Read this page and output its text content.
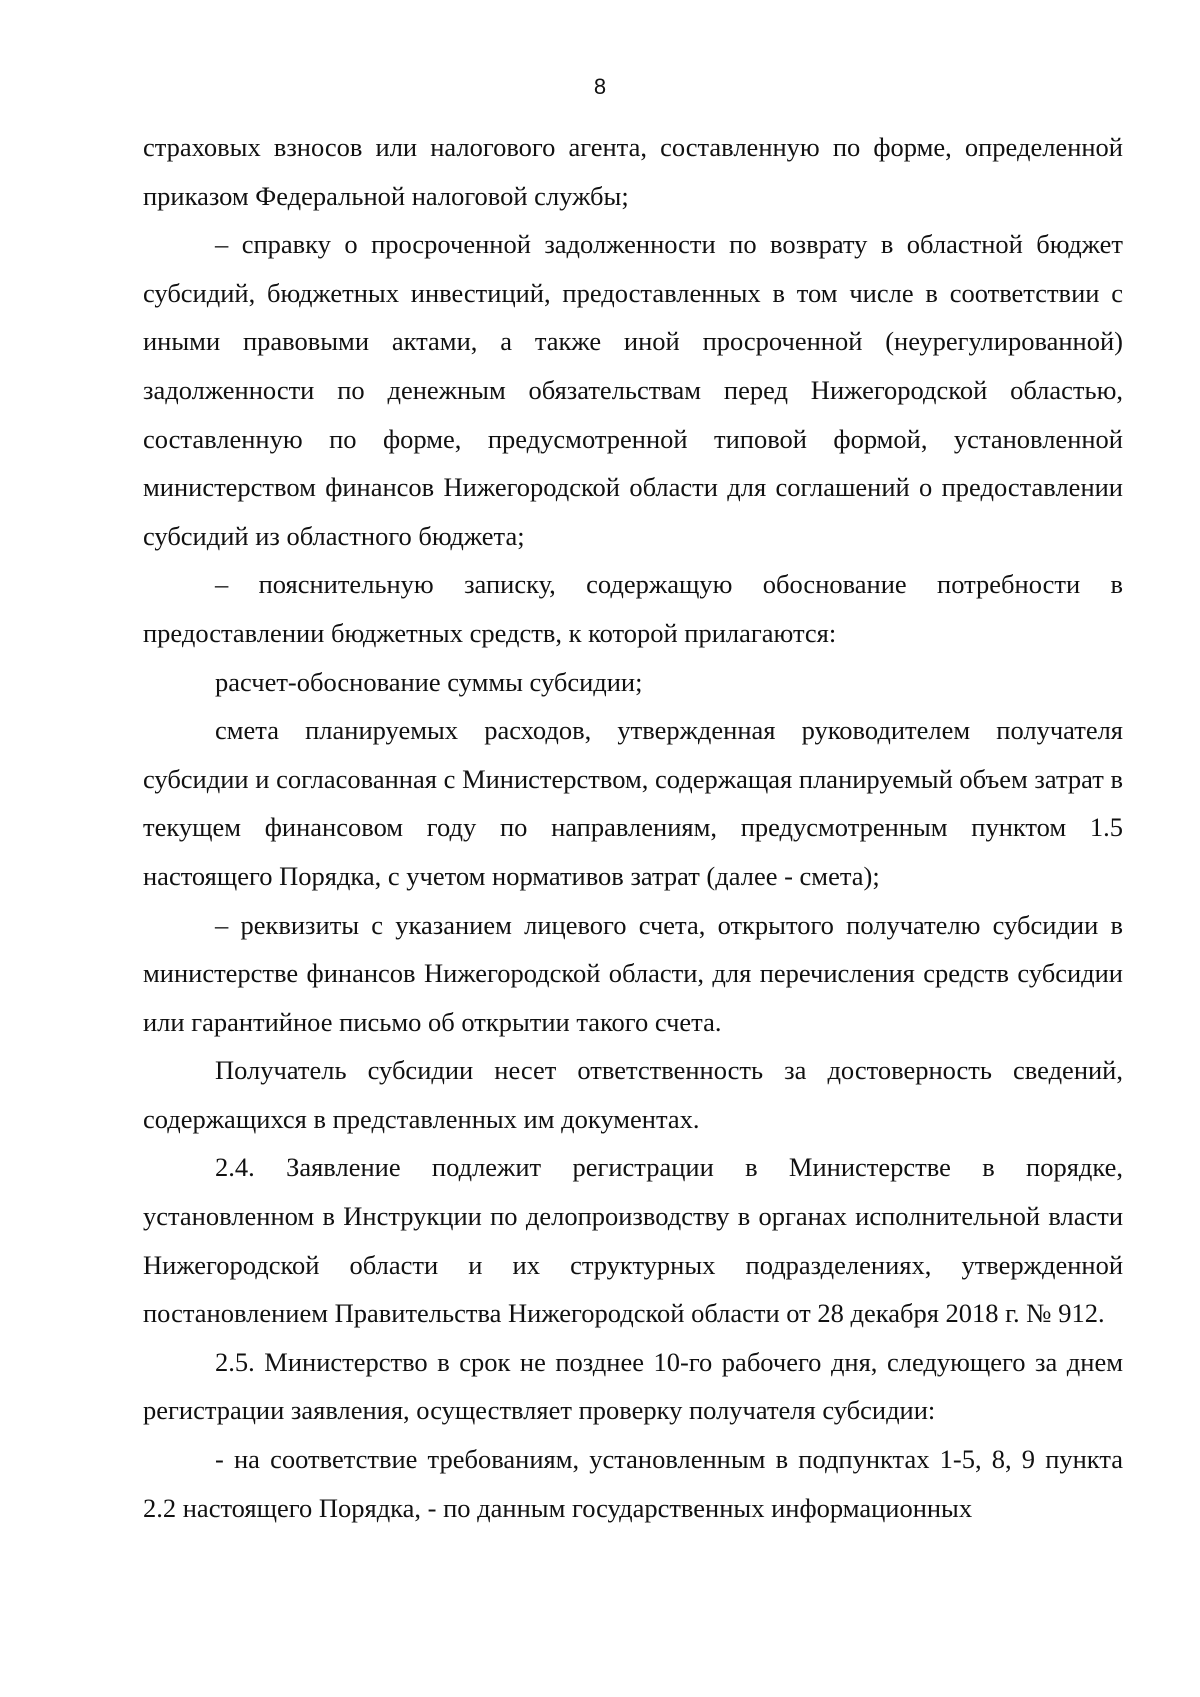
8

страховых взносов или налогового агента, составленную по форме, определенной приказом Федеральной налоговой службы;

– справку о просроченной задолженности по возврату в областной бюджет субсидий, бюджетных инвестиций, предоставленных в том числе в соответствии с иными правовыми актами, а также иной просроченной (неурегулированной) задолженности по денежным обязательствам перед Нижегородской областью, составленную по форме, предусмотренной типовой формой, установленной министерством финансов Нижегородской области для соглашений о предоставлении субсидий из областного бюджета;

– пояснительную записку, содержащую обоснование потребности в предоставлении бюджетных средств, к которой прилагаются:

расчет-обоснование суммы субсидии;

смета планируемых расходов, утвержденная руководителем получателя субсидии и согласованная с Министерством, содержащая планируемый объем затрат в текущем финансовом году по направлениям, предусмотренным пунктом 1.5 настоящего Порядка, с учетом нормативов затрат (далее - смета);

– реквизиты с указанием лицевого счета, открытого получателю субсидии в министерстве финансов Нижегородской области, для перечисления средств субсидии или гарантийное письмо об открытии такого счета.

Получатель субсидии несет ответственность за достоверность сведений, содержащихся в представленных им документах.

2.4. Заявление подлежит регистрации в Министерстве в порядке, установленном в Инструкции по делопроизводству в органах исполнительной власти Нижегородской области и их структурных подразделениях, утвержденной постановлением Правительства Нижегородской области от 28 декабря 2018 г. № 912.

2.5. Министерство в срок не позднее 10-го рабочего дня, следующего за днем регистрации заявления, осуществляет проверку получателя субсидии:

- на соответствие требованиям, установленным в подпунктах 1-5, 8, 9 пункта 2.2 настоящего Порядка, - по данным государственных информационных
